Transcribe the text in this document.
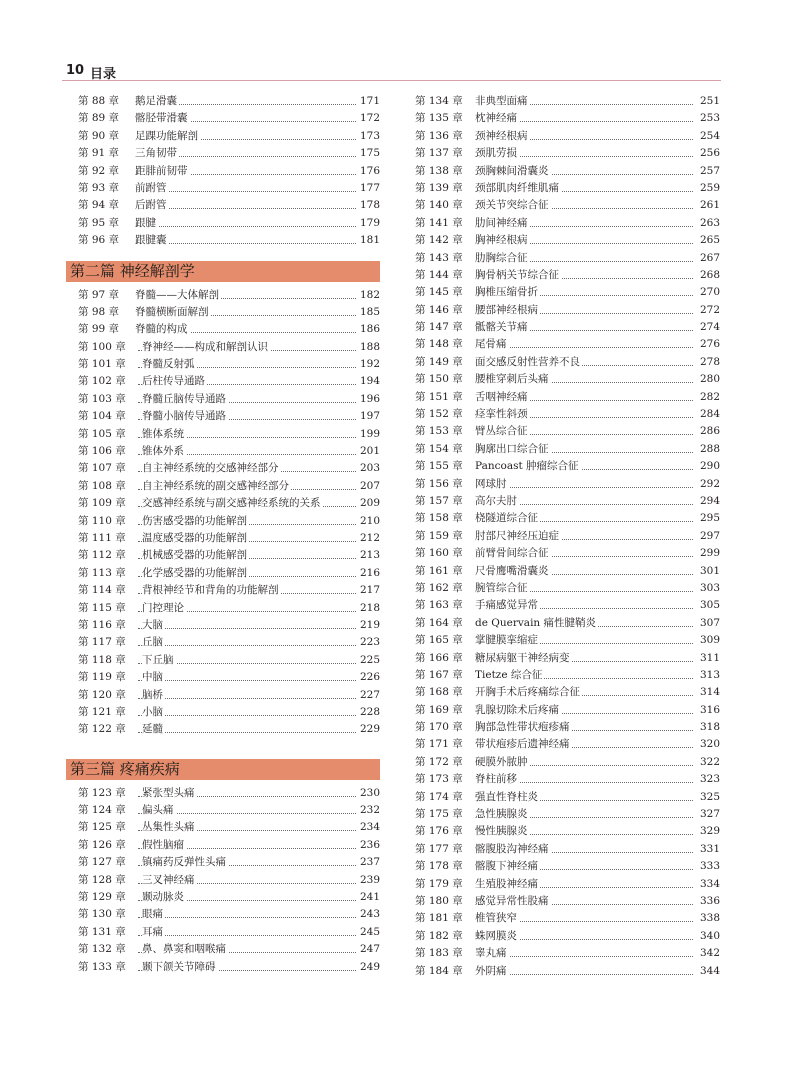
10 目录
第 88 章 鹅足滑囊	171
第 89 章 髂胫带滑囊	172
第 90 章 足踝功能解剖	173
第 91 章 三角韧带	175
第 92 章 距腓前韧带	176
第 93 章 前跗管	177
第 94 章 后跗管	178
第 95 章 跟腱	179
第 96 章 跟腱囊	181
第二篇 神经解剖学
第 97 章 脊髓——大体解剖	182
第 98 章 脊髓横断面解剖	185
第 99 章 脊髓的构成	186
第 100 章 脊神经——构成和解剖认识	188
第 101 章 脊髓反射弧	192
第 102 章 后柱传导通路	194
第 103 章 脊髓丘脑传导通路	196
第 104 章 脊髓小脑传导通路	197
第 105 章 锥体系统	199
第 106 章 锥体外系	201
第 107 章 自主神经系统的交感神经部分	203
第 108 章 自主神经系统的副交感神经部分	207
第 109 章 交感神经系统与副交感神经系统的关系	209
第 110 章 伤害感受器的功能解剖	210
第 111 章 温度感受器的功能解剖	212
第 112 章 机械感受器的功能解剖	213
第 113 章 化学感受器的功能解剖	216
第 114 章 背根神经节和背角的功能解剖	217
第 115 章 门控理论	218
第 116 章 大脑	219
第 117 章 丘脑	223
第 118 章 下丘脑	225
第 119 章 中脑	226
第 120 章 脑桥	227
第 121 章 小脑	228
第 122 章 延髓	229
第三篇 疼痛疾病
第 123 章 紧张型头痛	230
第 124 章 偏头痛	232
第 125 章 丛集性头痛	234
第 126 章 假性脑瘤	236
第 127 章 镇痛药反弹性头痛	237
第 128 章 三叉神经痛	239
第 129 章 颞动脉炎	241
第 130 章 眼痛	243
第 131 章 耳痛	245
第 132 章 鼻、鼻窦和咽喉痛	247
第 133 章 颞下颌关节障碍	249
第 134 章 非典型面痛	251
第 135 章 枕神经痛	253
第 136 章 颈神经根病	254
第 137 章 颈肌劳损	256
第 138 章 颈胸棘间滑囊炎	257
第 139 章 颈部肌肉纤维肌痛	259
第 140 章 颈关节突综合征	261
第 141 章 肋间神经痛	263
第 142 章 胸神经根病	265
第 143 章 肋胸综合征	267
第 144 章 胸骨柄关节综合征	268
第 145 章 胸椎压缩骨折	270
第 146 章 腰部神经根病	272
第 147 章 骶髂关节痛	274
第 148 章 尾骨痛	276
第 149 章 面交感反射性营养不良	278
第 150 章 腰椎穿刺后头痛	280
第 151 章 舌咽神经痛	282
第 152 章 痉挛性斜颈	284
第 153 章 臂丛综合征	286
第 154 章 胸廓出口综合征	288
第 155 章 Pancoast 肿瘤综合征	290
第 156 章 网球肘	292
第 157 章 高尔夫肘	294
第 158 章 桡隧道综合征	295
第 159 章 肘部尺神经压迫症	297
第 160 章 前臂骨间综合征	299
第 161 章 尺骨鹰嘴滑囊炎	301
第 162 章 腕管综合征	303
第 163 章 手痛感觉异常	305
第 164 章 de Quervain 痛性腱鞘炎	307
第 165 章 掌腱膜挛缩症	309
第 166 章 糖尿病躯干神经病变	311
第 167 章 Tietze 综合征	313
第 168 章 开胸手术后疼痛综合征	314
第 169 章 乳腺切除术后疼痛	316
第 170 章 胸部急性带状疱疹痛	318
第 171 章 带状疱疹后遗神经痛	320
第 172 章 硬膜外脓肿	322
第 173 章 脊柱前移	323
第 174 章 强直性脊柱炎	325
第 175 章 急性胰腺炎	327
第 176 章 慢性胰腺炎	329
第 177 章 髂腹股沟神经痛	331
第 178 章 髂腹下神经痛	333
第 179 章 生殖股神经痛	334
第 180 章 感觉异常性股痛	336
第 181 章 椎管狭窄	338
第 182 章 蛛网膜炎	340
第 183 章 睾丸痛	342
第 184 章 外阴痛	344
